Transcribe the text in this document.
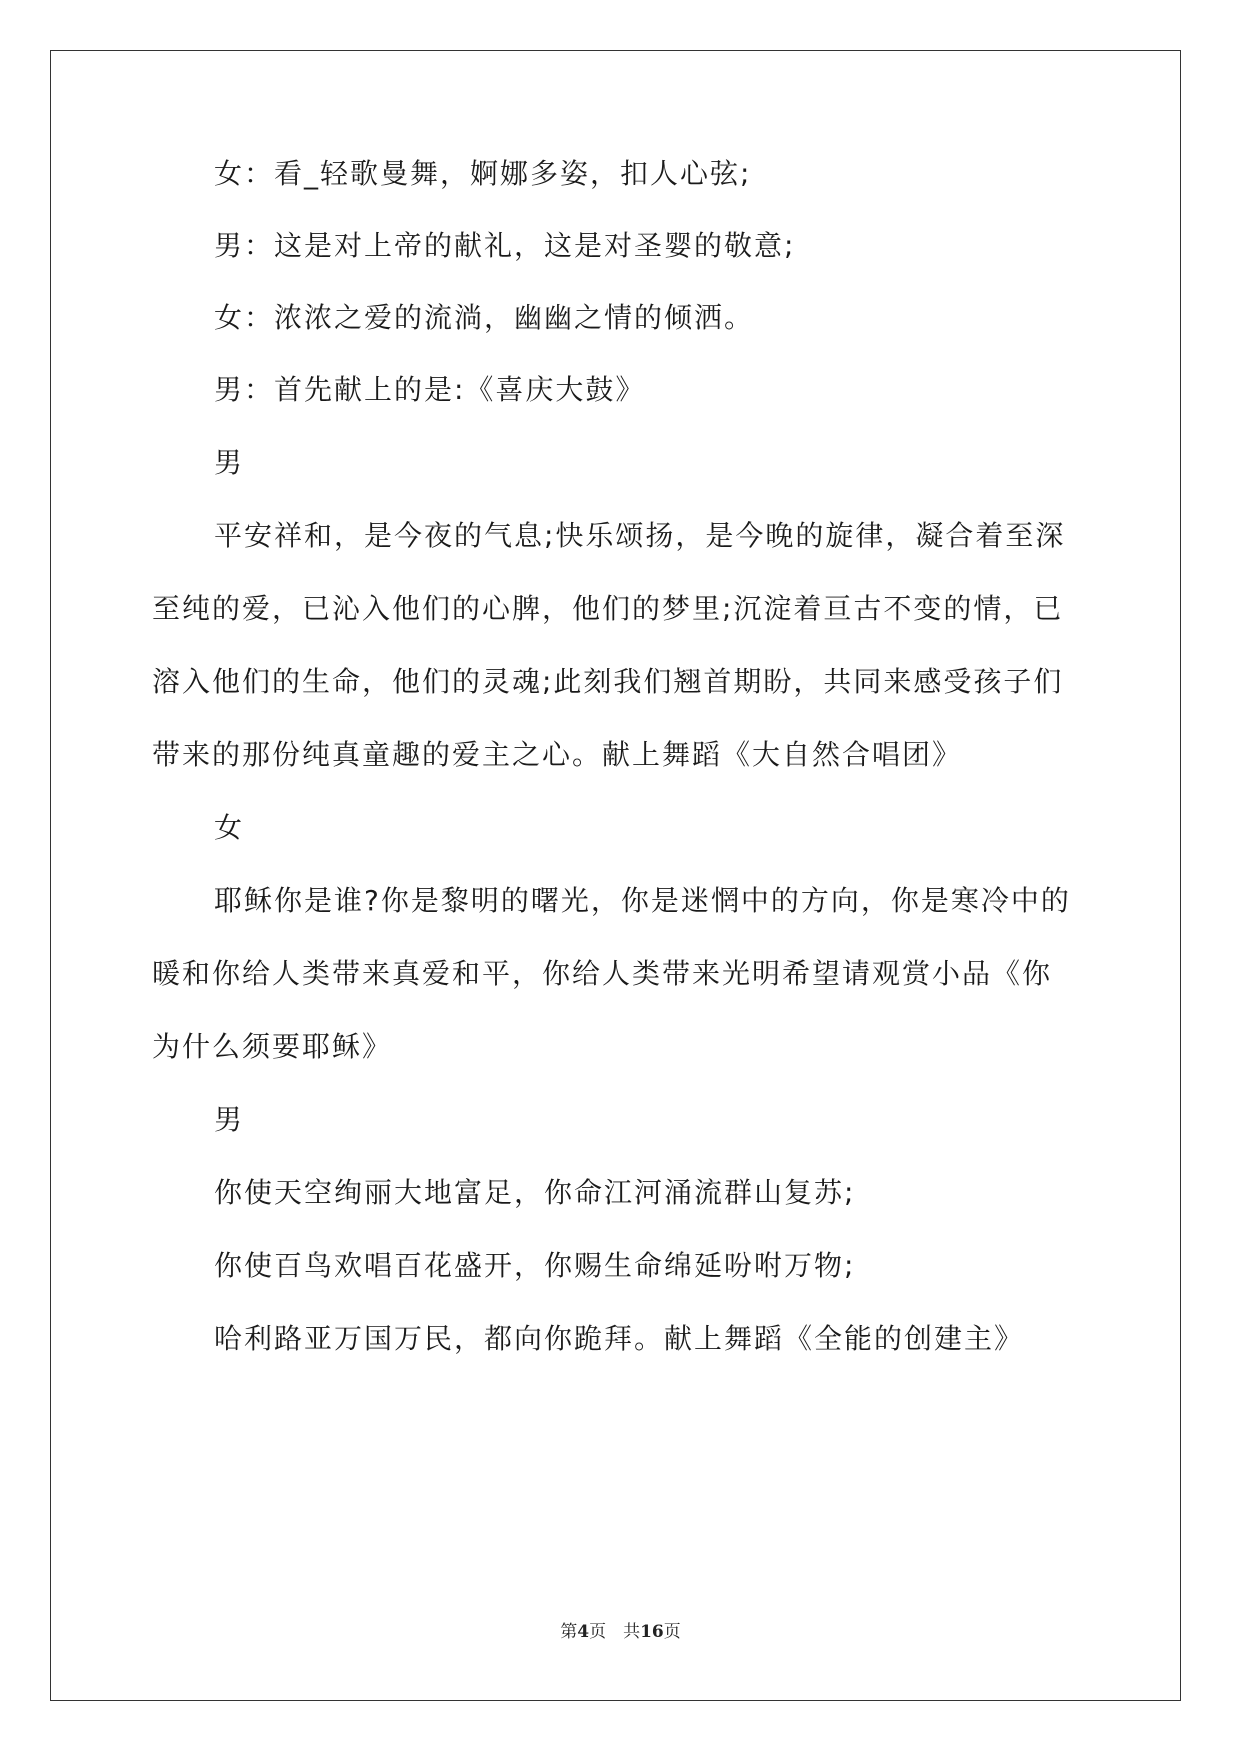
女：看_轻歌曼舞，婀娜多姿，扣人心弦;
男：这是对上帝的献礼，这是对圣婴的敬意;
女：浓浓之爱的流淌，幽幽之情的倾洒。
男：首先献上的是:《喜庆大鼓》
男
平安祥和，是今夜的气息;快乐颂扬，是今晚的旋律，凝合着至深
至纯的爱，已沁入他们的心脾，他们的梦里;沉淀着亘古不变的情，已
溶入他们的生命，他们的灵魂;此刻我们翘首期盼，共同来感受孩子们
带来的那份纯真童趣的爱主之心。献上舞蹈《大自然合唱团》
女
耶稣你是谁?你是黎明的曙光，你是迷惘中的方向，你是寒冷中的
暖和你给人类带来真爱和平，你给人类带来光明希望请观赏小品《你
为什么须要耶稣》
男
你使天空绚丽大地富足，你命江河涌流群山复苏;
你使百鸟欢唱百花盛开，你赐生命绵延吩咐万物;
哈利路亚万国万民，都向你跪拜。献上舞蹈《全能的创建主》
第4页　共16页
